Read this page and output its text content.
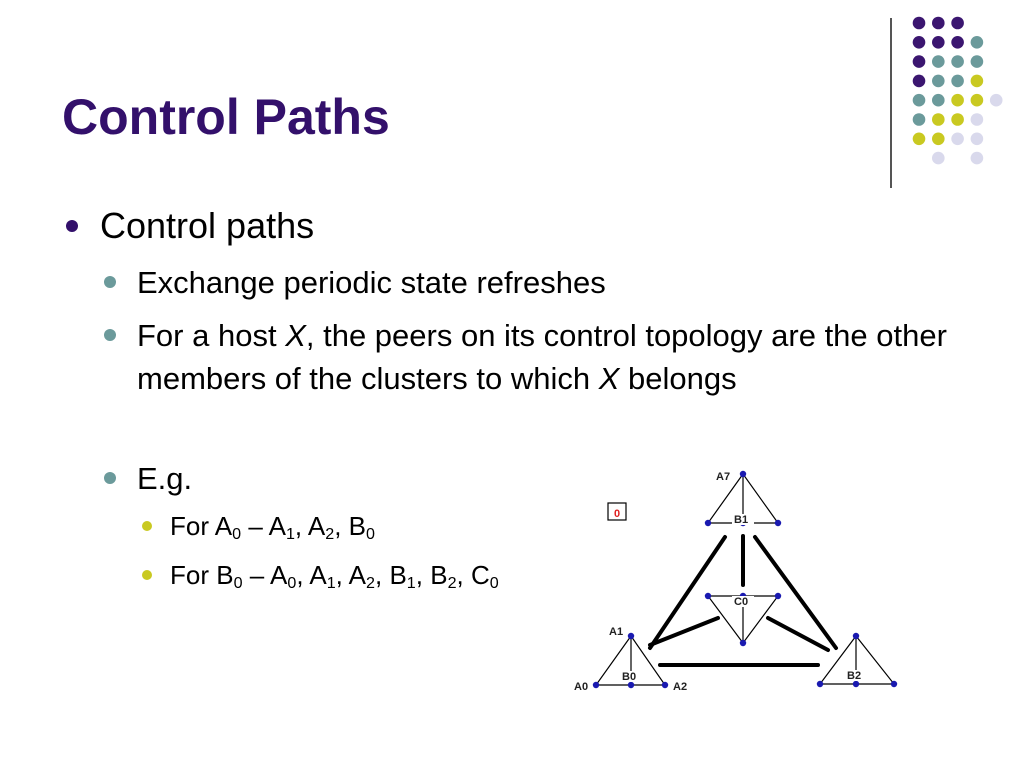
Control Paths
Control paths
Exchange periodic state refreshes
For a host X, the peers on its control topology are the other members of the clusters to which X belongs
E.g.
For $A_0 - A_1$, $A_2$, $B_0$
For $B_0 - A_0$, $A_1$, $A_2$, $B_1$, $B_2$, $C_0$
0
A7
B1
C0
A1
A0
B0
A2
B2
